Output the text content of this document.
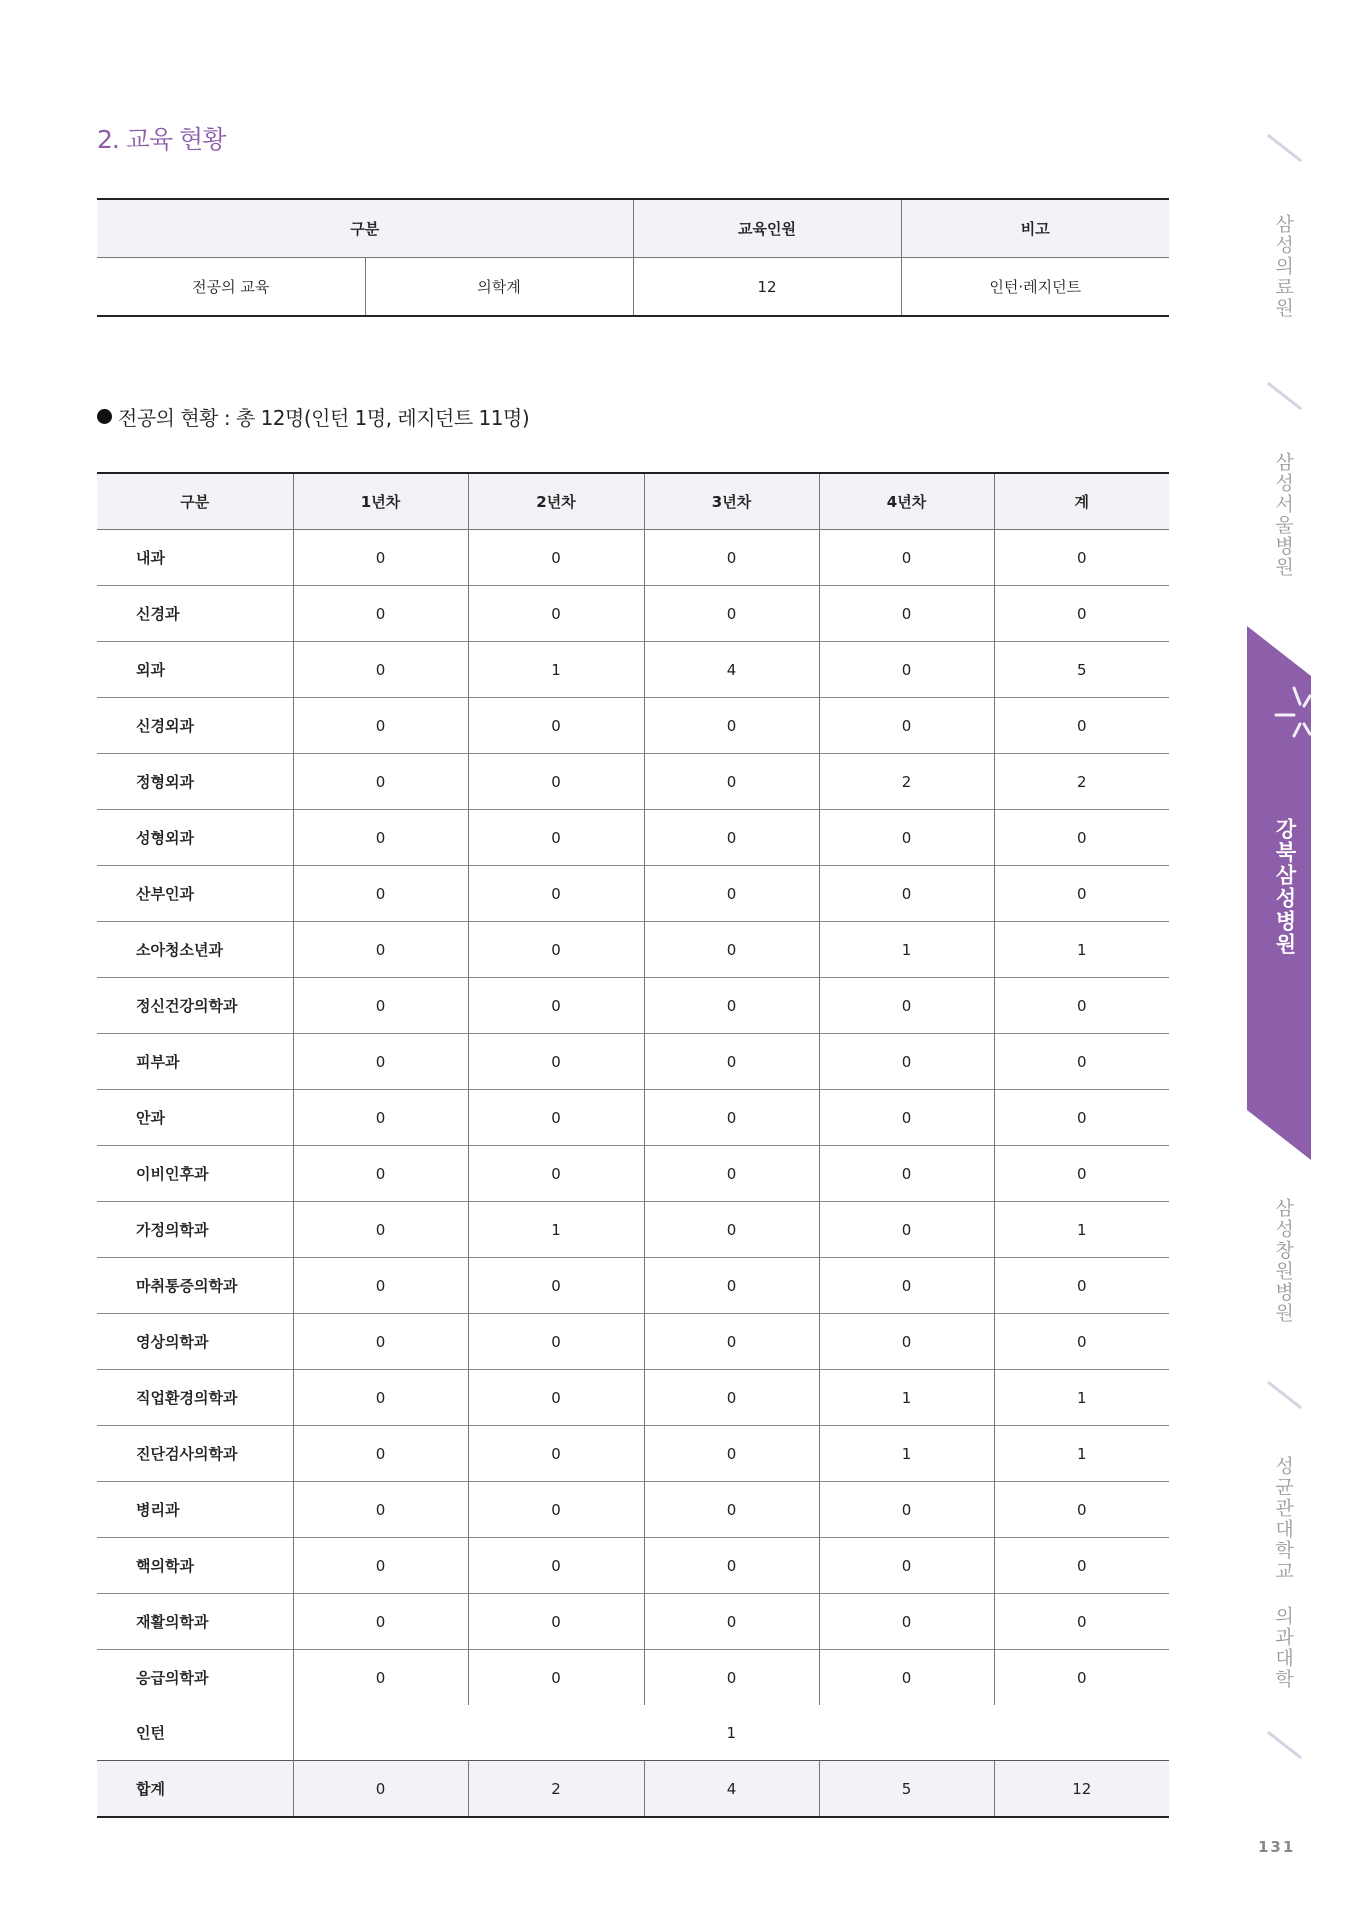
2. 교육 현황
구분		교육인원	비고
전공의 교육	의학계	12	인턴·레지던트
전공의 현황 : 총 12명(인턴 1명, 레지던트 11명)
구분	1년차	2년차	3년차	4년차	계
내과	0	0	0	0	0
신경과	0	0	0	0	0
외과	0	1	4	0	5
신경외과	0	0	0	0	0
정형외과	0	0	0	2	2
성형외과	0	0	0	0	0
산부인과	0	0	0	0	0
소아청소년과	0	0	0	1	1
정신건강의학과	0	0	0	0	0
피부과	0	0	0	0	0
안과	0	0	0	0	0
이비인후과	0	0	0	0	0
가정의학과	0	1	0	0	1
마취통증의학과	0	0	0	0	0
영상의학과	0	0	0	0	0
직업환경의학과	0	0	0	1	1
진단검사의학과	0	0	0	1	1
병리과	0	0	0	0	0
핵의학과	0	0	0	0	0
재활의학과	0	0	0	0	0
응급의학과	0	0	0	0	0
인턴	1				
합계	0	2	4	5	12
삼성의료원
삼성서울병원
강북삼성병원
삼성창원병원
성균관대학교 의과대학
131
